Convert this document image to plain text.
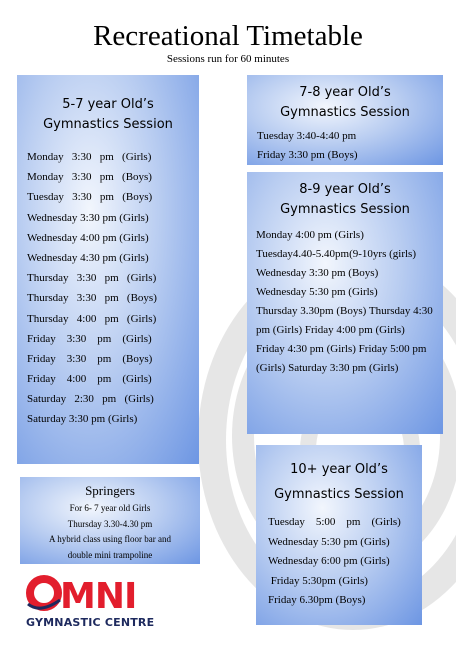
Recreational Timetable
Sessions run for 60 minutes
5-7 year Old’s
Gymnastics Session
Monday   3:30   pm   (Girls)
Monday   3:30   pm   (Boys)
Tuesday   3:30   pm   (Boys)
Wednesday 3:30 pm (Girls)
Wednesday 4:00 pm (Girls)
Wednesday 4:30 pm (Girls)
Thursday   3:30   pm   (Girls)
Thursday   3:30   pm   (Boys)
Thursday   4:00   pm   (Girls)
Friday    3:30    pm    (Girls)
Friday    3:30    pm    (Boys)
Friday    4:00    pm    (Girls)
Saturday   2:30   pm   (Girls)
Saturday 3:30 pm (Girls)
7-8 year Old’s
Gymnastics Session
Tuesday 3:40-4:40 pm
Friday 3:30 pm (Boys)
8-9 year Old’s
Gymnastics Session
Monday 4:00 pm (Girls)
Tuesday4.40-5.40pm(9-10yrs (girls)
Wednesday 3:30 pm (Boys)
Wednesday 5:30 pm (Girls)
Thursday 3.30pm (Boys) Thursday 4:30 pm (Girls) Friday 4:00 pm (Girls) Friday 4:30 pm (Girls) Friday 5:00 pm (Girls) Saturday 3:30 pm (Girls)
10+ year Old’s
Gymnastics Session
Tuesday    5:00    pm    (Girls)
Wednesday 5:30 pm (Girls)
Wednesday 6:00 pm (Girls)
Friday 5:30pm (Girls)
Friday 6.30pm (Boys)
Springers
For 6- 7 year old Girls
Thursday 3.30-4.30 pm
A hybrid class using floor bar and
double mini trampoline
MNI
GYMNASTIC CENTRE
